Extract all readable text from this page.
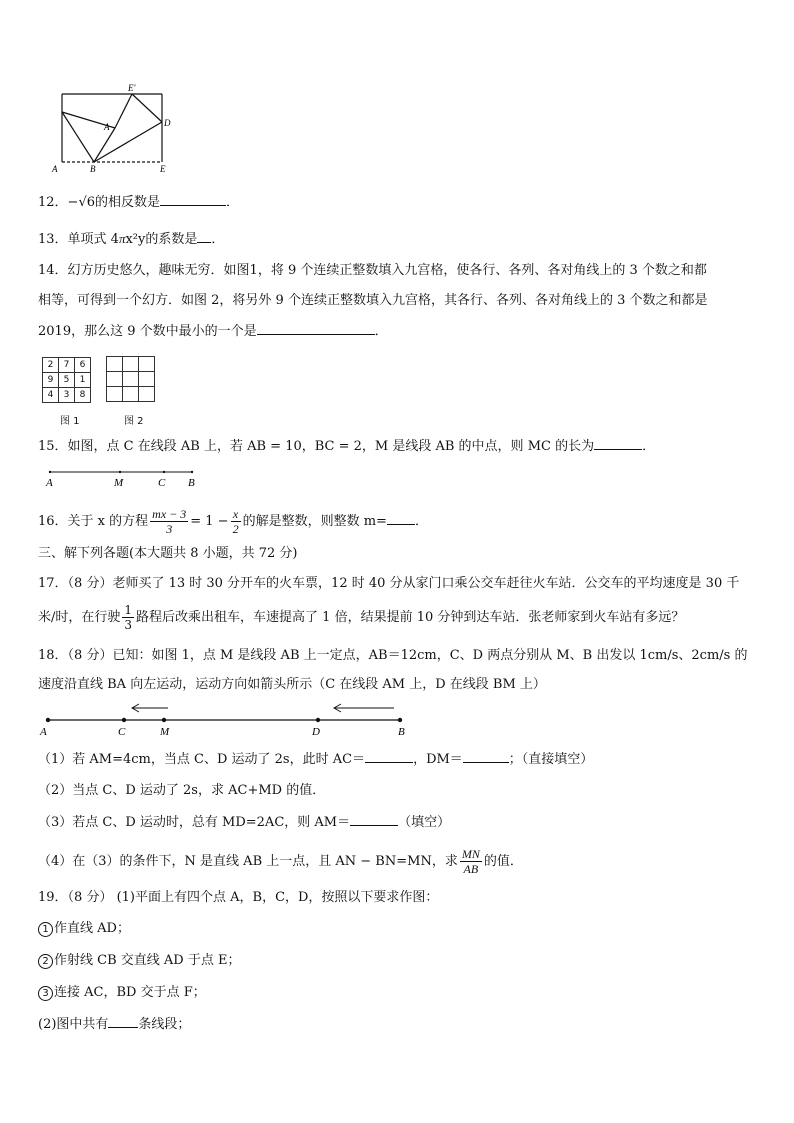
E'
A	D
A	B	E
12．−√6的相反数是	．
13．单项式 4πx²y的系数是 ．
14．幻方历史悠久，趣味无穷．如图1，将 9 个连续正整数填入九宫格，使各行、各列、各对角线上的 3 个数之和都
相等，可得到一个幻方．如图 2，将另外 9 个连续正整数填入九宫格，其各行、各列、各对角线上的 3 个数之和都是
2019，那么这 9 个数中最小的一个是	．
2	7	6
9	5	1
4	3	8
图 1

			图 2
15．如图，点 C 在线段 AB 上，若 AB = 10，BC = 2，M 是线段 AB 的中点，则 MC 的长为	．
A	M	C B
16．关于 x 的方程 $\frac{mx - 3}{3} = 1 - \frac{x}{2}$ 的解是整数，则整数 m= ．
三、解下列各题(本大题共 8 小题，共 72 分)
17．（8 分）老师买了 13 时 30 分开车的火车票，12 时 40 分从家门口乘公交车赶往火车站．公交车的平均速度是 30 千
米/时，在行驶 $\frac{1}{3}$ 路程后改乘出租车，车速提高了 1 倍，结果提前 10 分钟到达车站．张老师家到火车站有多远？
18．（8 分）已知：如图 1，点 M 是线段 AB 上一定点，AB＝12cm，C、D 两点分别从 M、B 出发以 1cm/s、2cm/s 的
速度沿直线 BA 向左运动，运动方向如箭头所示（C 在线段 AM 上，D 在线段 BM 上）
A	C	M	D	B
（1）若 AM=4cm，当点 C、D 运动了 2s，此时 AC＝	，DM＝	；（直接填空）
（2）当点 C、D 运动了 2s，求 AC+MD 的值．
（3）若点 C、D 运动时，总有 MD=2AC，则 AM＝	（填空）
（4）在（3）的条件下，N 是直线 AB 上一点，且 AN − BN=MN，求 $\frac{MN}{AB}$ 的值．
19．（8 分） (1)平面上有四个点 A，B，C，D，按照以下要求作图：
1 作直线 AD；
2 作射线 CB 交直线 AD 于点 E；
3 连接 AC，BD 交于点 F；
(2)图中共有 条线段；
